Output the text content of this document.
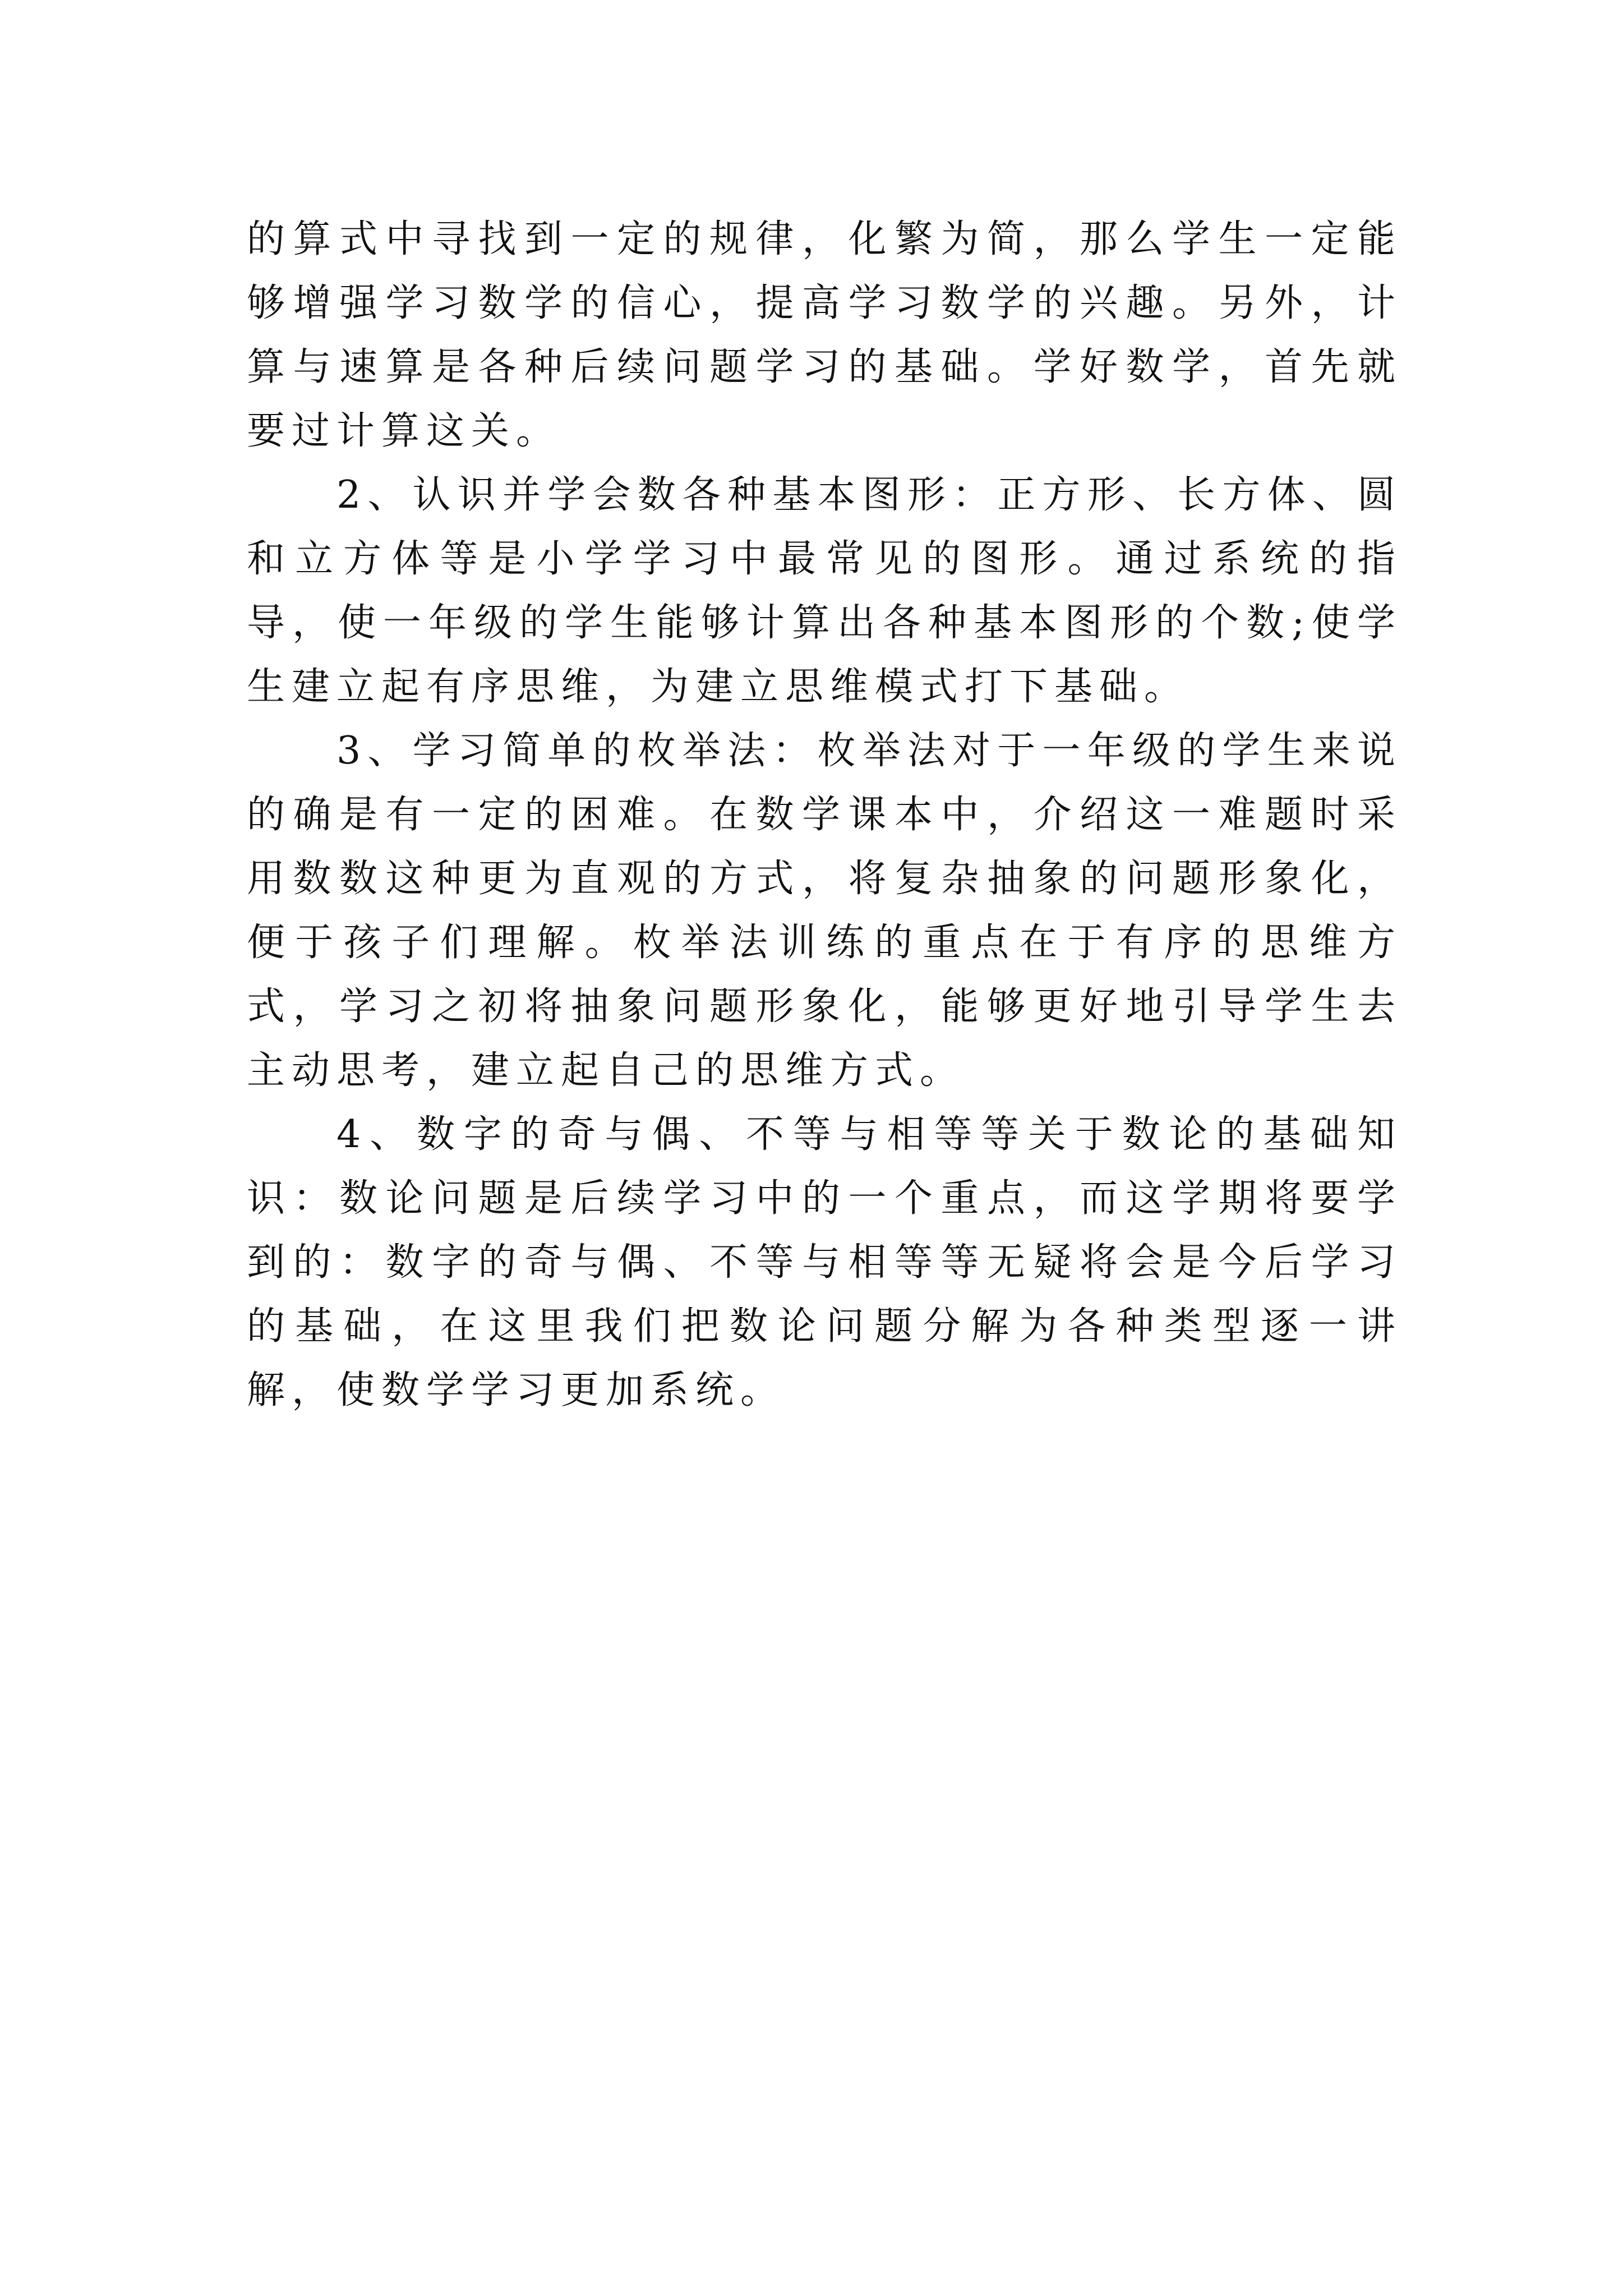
的算式中寻找到一定的规律，化繁为简，那么学生一定能够增强学习数学的信心，提高学习数学的兴趣。另外，计算与速算是各种后续问题学习的基础。学好数学，首先就要过计算这关。

2、认识并学会数各种基本图形：正方形、长方体、圆和立方体等是小学学习中最常见的图形。通过系统的指导，使一年级的学生能够计算出各种基本图形的个数;使学生建立起有序思维，为建立思维模式打下基础。

3、学习简单的枚举法：枚举法对于一年级的学生来说的确是有一定的困难。在数学课本中，介绍这一难题时采用数数这种更为直观的方式，将复杂抽象的问题形象化，便于孩子们理解。枚举法训练的重点在于有序的思维方式，学习之初将抽象问题形象化，能够更好地引导学生去主动思考，建立起自己的思维方式。

4、数字的奇与偶、不等与相等等关于数论的基础知识：数论问题是后续学习中的一个重点，而这学期将要学到的：数字的奇与偶、不等与相等等无疑将会是今后学习的基础，在这里我们把数论问题分解为各种类型逐一讲解，使数学学习更加系统。
